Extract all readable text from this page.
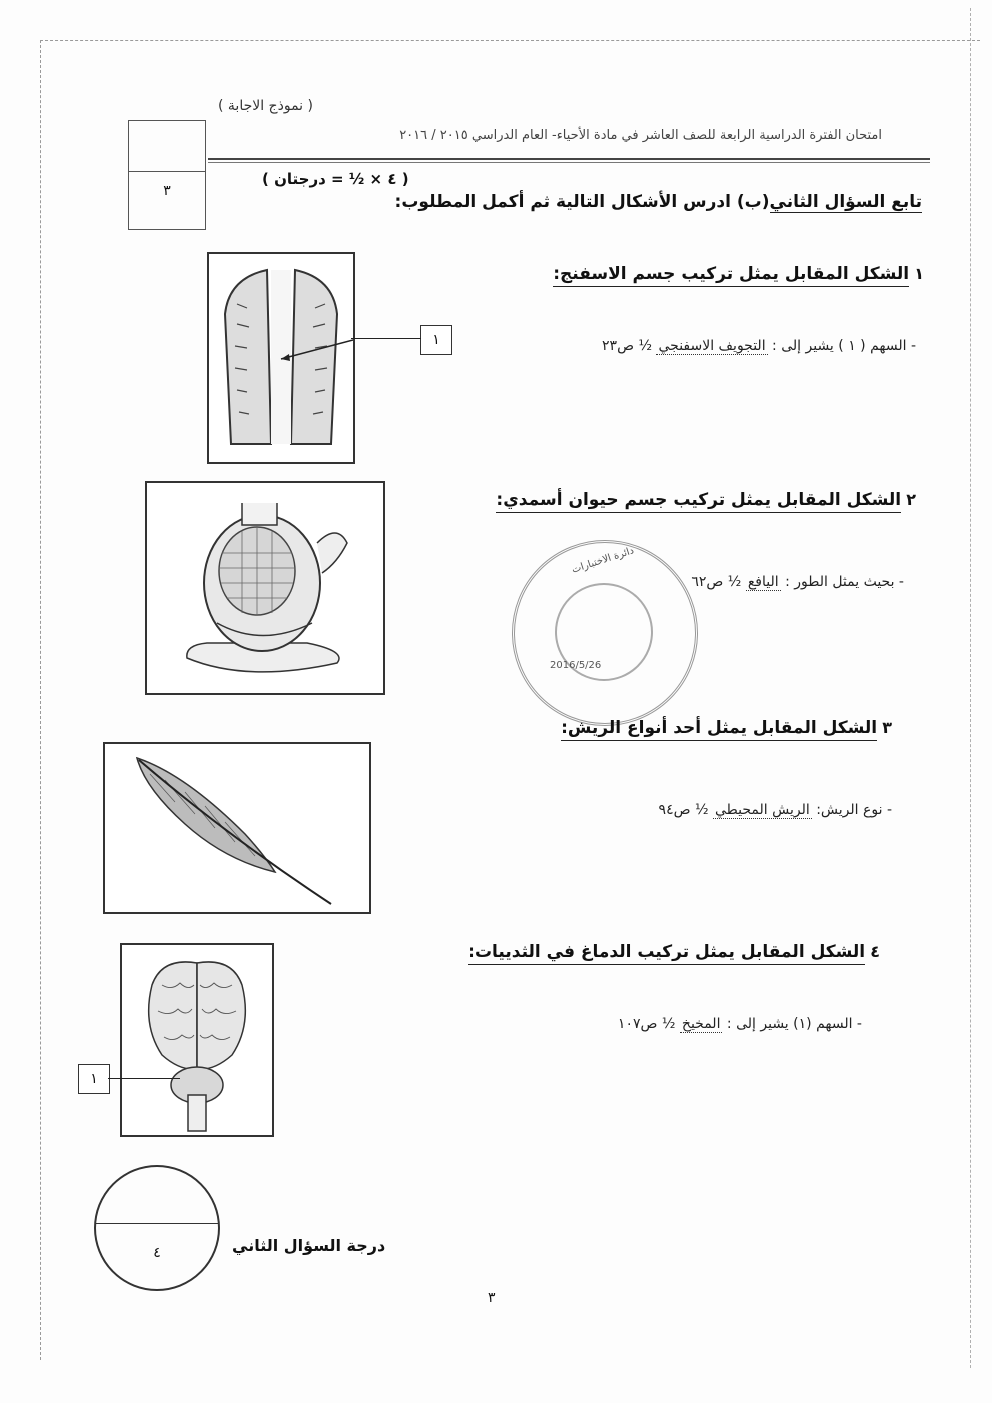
( نموذج الاجابة )
امتحان الفترة الدراسية الرابعة للصف العاشر في مادة الأحياء- العام الدراسي ٢٠١٥ / ٢٠١٦
٣
تابع السؤال الثاني(ب) ادرس الأشكال التالية ثم أكمل المطلوب:
( ٤ × ½ = درجتان )
١ الشكل المقابل يمثل تركيب جسم الاسفنج:
- السهم ( ١ ) يشير إلى : التجويف الاسفنجي ½ ص٢٣
١
٢ الشكل المقابل يمثل تركيب جسم حيوان أسمدي:
- بحيث يمثل الطور : اليافع ½ ص٦٢
دائرة الاختبارات
2016/5/26
٣ الشكل المقابل يمثل أحد أنواع الريش:
- نوع الريش: الريش المحيطي ½ ص٩٤
٤ الشكل المقابل يمثل تركيب الدماغ في الثدييات:
- السهم (١) يشير إلى : المخيخ ½ ص١٠٧
١
٤	درجة السؤال الثاني
٣
